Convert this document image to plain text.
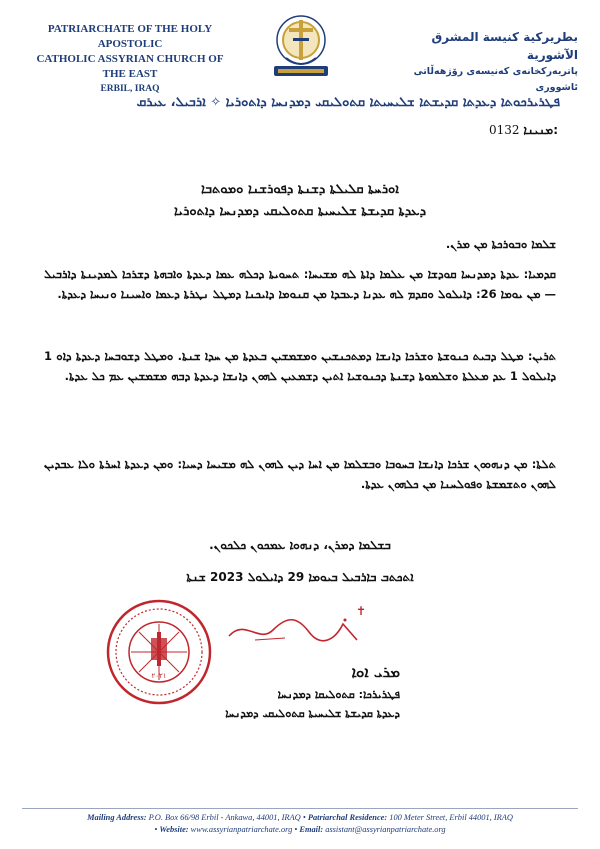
PATRIARCHATE OF THE HOLY APOSTOLIC
CATHOLIC ASSYRIAN CHURCH OF THE EAST
ERBIL, IRAQ
بطريركية كنيسة المشرق الآشورية
پاتریەرکخانەی کەنیسەی رۆژهەڵاتی ئاشووری
ܦܛܪܝܪܟܘܬܐ ܕܥܕܬܐ ܩܕܝܫܬܐ ܫܠܝܚܝܬܐ ܩܬܘܠܝܩܝ ܕܡܕܢܚܐ ܕܐܬܘܪܝܐ ✧ ܐܪܒܝܠ، ܥܝܪܩ
0132 ܡܢܝܢܐ:
ܐܘܪܚܬܐ ܩܠܝܠܬܐ ܕܫܢܬܐ ܕܦܘܪܫܢܐ ܘܡܘܬܒܐ
ܕܥܕܬܐ ܩܕܝܫܬܐ ܫܠܝܚܝܬܐ ܩܬܘܠܝܩܝ ܕܡܕܢܚܐ ܕܐܬܘܪܝܐ
ܫܠܡܐ ܘܒܘܪܟܬܐ ܡܢ ܡܪܢ.
ܩܕܡܝܐ: ܥܕܬܐ ܕܡܕܢܚܐ ܩܘܕܫܐ ܡܢ ܥܠܡܐ ܕܐܬܐ ܠܗ ܡܫܝܚܐ: ܬܚܘܝܬܐ ܕܟܠܗ ܥܡܐ ܕܥܕܬܐ ܘܐܒܗܬܐ ܕܫܪܟܐ ܠܡܕܝܢܬܐ ܕܐܪܒܝܠ — ܡܢ ܝܘܡܐ 26: ܕܐܝܠܘܠ ܘܩܕܡ ܠܗ ܥܕܢܐ ܕܥܒܕܐ ܡܢ ܩܢܘܡܐ ܕܐܝܟܢܐ ܕܡܛܠ ܢܛܪܬܐ ܕܥܡܐ ܘܐܚܝܢܐ ܘܢܝܚܐ ܕܥܕܬܐ.
ܬܪܝܢ: ܡܛܠ ܕܒܝܬ ܟܢܘܫܬܐ ܘܫܪܟܐ ܕܐܢܫܐ ܕܡܬܟܢܫܝܢ ܘܡܫܡܫܝܢ ܒܥܕܬܐ ܡܢ ܚܕܐ ܫܢܬܐ. ܘܡܛܠ ܕܫܘܒܚܐ ܕܥܕܬܐ ܕܐܘ 1 ܕܐܝܠܘܠ 1 ܥܕ ܡܥܠܬܐ ܘܫܠܡܘܬܐ ܕܫܢܬܐ ܕܟܢܘܫܝܐ ܐܬܝܢ ܕܫܡܥܝܢ ܠܗܘܢ ܕܐܢܫܐ ܕܥܕܬܐ ܕܒܗ ܡܫܡܫܝܢ ܥܡ ܟܠ ܥܕܬܐ.
ܬܠܬܐ: ܡܢ ܕܢܗܘܘܢ ܫܪܟܐ ܕܐܢܫܐ ܒܚܘܒܐ ܘܒܫܠܡܐ ܡܢ ܐܚܐ ܕܝܢ ܠܗܘܢ ܠܗ ܡܫܝܚܐ ܕܚܝܐ: ܘܡܢ ܕܥܕܬܐ ܐܚܪܬܐ ܘܠܐ ܥܒܕܝܢ ܠܗܘܢ ܘܬܫܡܫܬܐ ܘܦܘܠܚܢܐ ܡܢ ܟܠܗܘܢ ܥܕܬܐ.
ܒܫܠܡܐ ܕܡܪܢ، ܕܢܗܘܐ ܥܡܟܘܢ ܟܠܟܘܢ.
ܐܬܟܬܒ ܒܐܪܒܝܠ ܒܝܘܡܐ 29 ܕܐܝܠܘܠ 2023 ܫܢܬܐ
٢٠٢١
✝
ܡܪܝ ܐܘܐ
ܦܛܪܝܪܟܐ: ܩܬܘܠܝܩܐ ܕܡܕܢܚܐ
ܕܥܕܬܐ ܩܕܝܫܬܐ ܫܠܝܚܝܬܐ ܩܬܘܠܝܩܝ ܕܡܕܢܚܐ
Mailing Address: P.O. Box 66/98 Erbil - Ankawa, 44001, IRAQ • Patriarchal Residence: 100 Meter Street, Erbil 44001, IRAQ
• Website: www.assyrianpatriarchate.org • Email: assistant@assyrianpatriarchate.org
